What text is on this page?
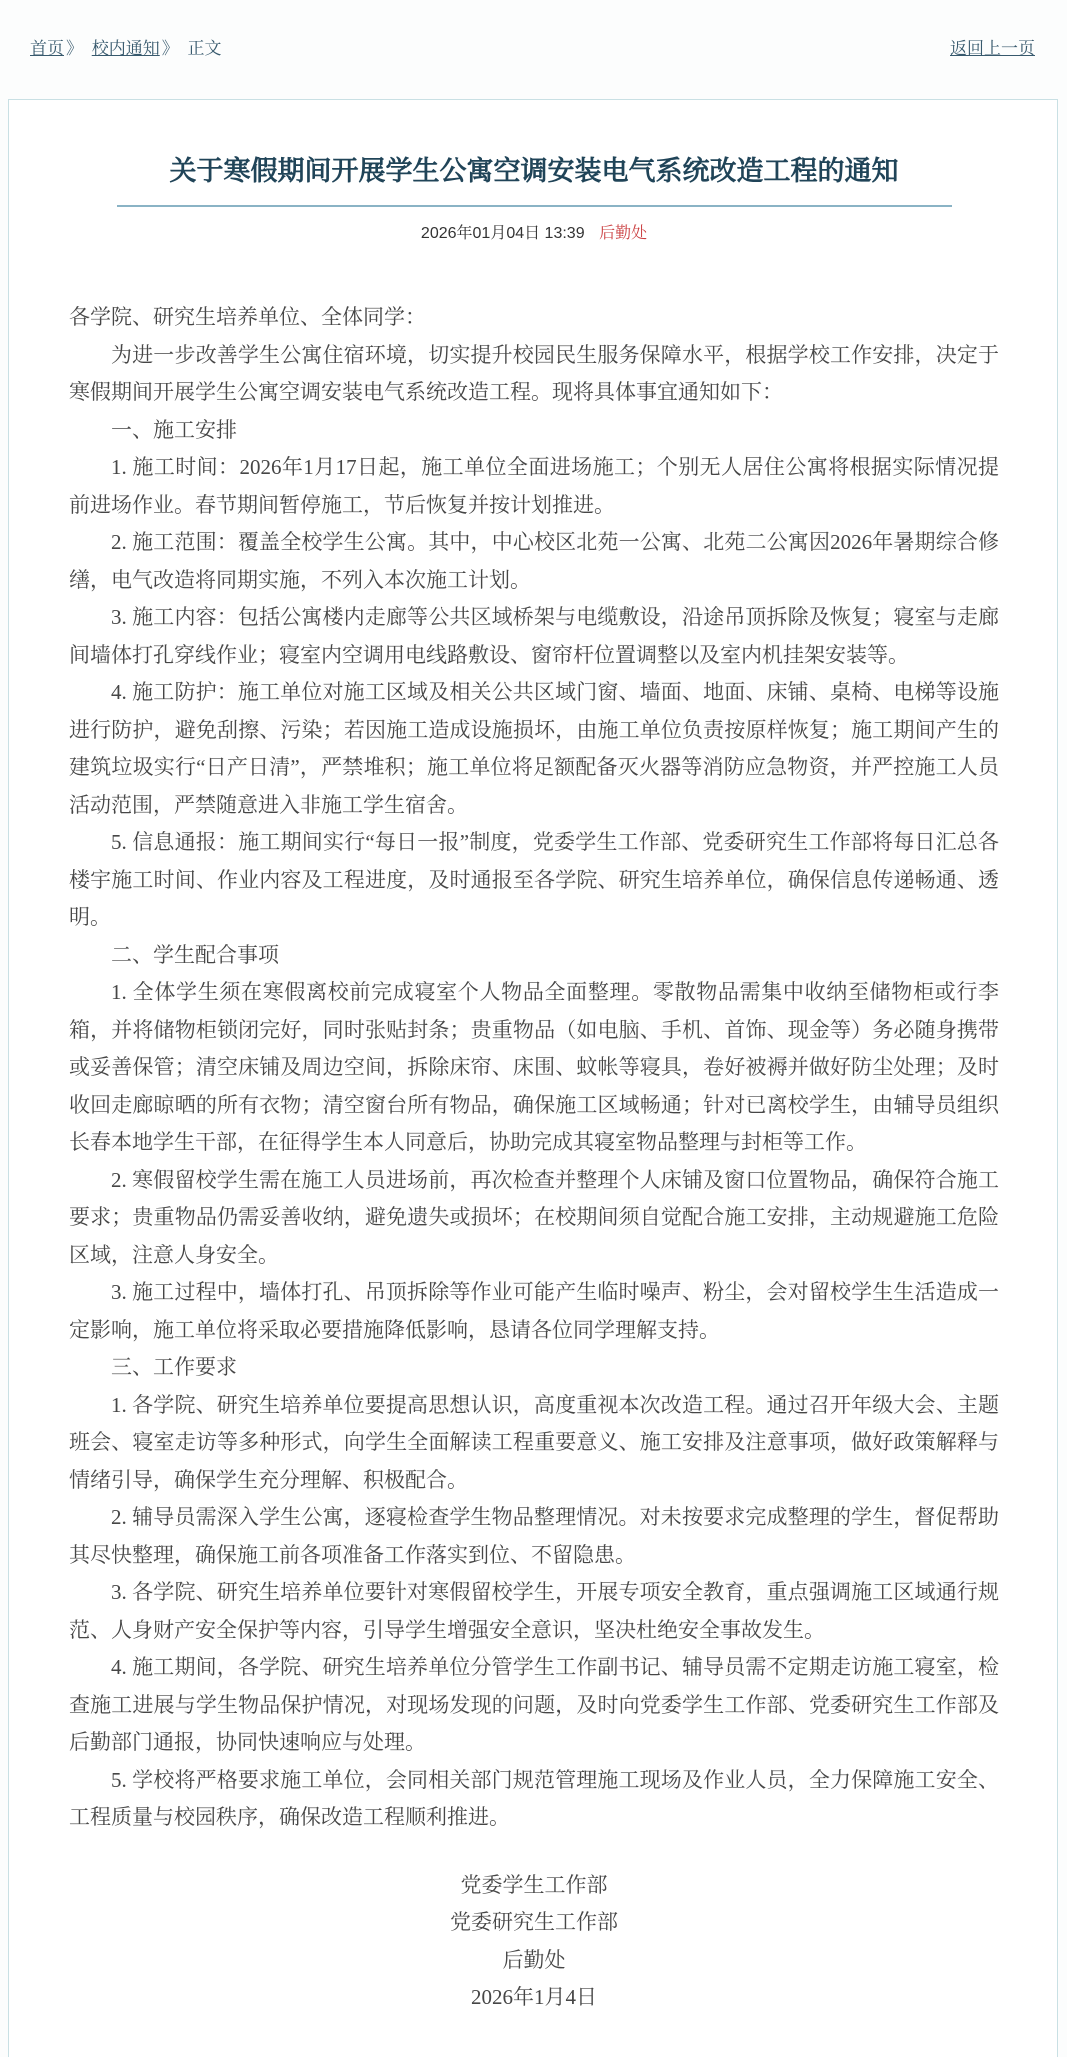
首页 》 校内通知 》 正文	返回上一页
关于寒假期间开展学生公寓空调安装电气系统改造工程的通知
2026年01月04日 13:39 后勤处

各学院、研究生培养单位、全体同学：

为进一步改善学生公寓住宿环境，切实提升校园民生服务保障水平，根据学校工作安排，决定于寒假期间开展学生公寓空调安装电气系统改造工程。现将具体事宜通知如下：

一、施工安排

1. 施工时间：2026年1月17日起，施工单位全面进场施工；个别无人居住公寓将根据实际情况提前进场作业。春节期间暂停施工，节后恢复并按计划推进。

2. 施工范围：覆盖全校学生公寓。其中，中心校区北苑一公寓、北苑二公寓因2026年暑期综合修缮，电气改造将同期实施，不列入本次施工计划。

3. 施工内容：包括公寓楼内走廊等公共区域桥架与电缆敷设，沿途吊顶拆除及恢复；寝室与走廊间墙体打孔穿线作业；寝室内空调用电线路敷设、窗帘杆位置调整以及室内机挂架安装等。

4. 施工防护：施工单位对施工区域及相关公共区域门窗、墙面、地面、床铺、桌椅、电梯等设施进行防护，避免刮擦、污染；若因施工造成设施损坏，由施工单位负责按原样恢复；施工期间产生的建筑垃圾实行“日产日清”，严禁堆积；施工单位将足额配备灭火器等消防应急物资，并严控施工人员活动范围，严禁随意进入非施工学生宿舍。

5. 信息通报：施工期间实行“每日一报”制度，党委学生工作部、党委研究生工作部将每日汇总各楼宇施工时间、作业内容及工程进度，及时通报至各学院、研究生培养单位，确保信息传递畅通、透明。

二、学生配合事项

1. 全体学生须在寒假离校前完成寝室个人物品全面整理。零散物品需集中收纳至储物柜或行李箱，并将储物柜锁闭完好，同时张贴封条；贵重物品（如电脑、手机、首饰、现金等）务必随身携带或妥善保管；清空床铺及周边空间，拆除床帘、床围、蚊帐等寝具，卷好被褥并做好防尘处理；及时收回走廊晾晒的所有衣物；清空窗台所有物品，确保施工区域畅通；针对已离校学生，由辅导员组织长春本地学生干部，在征得学生本人同意后，协助完成其寝室物品整理与封柜等工作。

2. 寒假留校学生需在施工人员进场前，再次检查并整理个人床铺及窗口位置物品，确保符合施工要求；贵重物品仍需妥善收纳，避免遗失或损坏；在校期间须自觉配合施工安排，主动规避施工危险区域，注意人身安全。

3. 施工过程中，墙体打孔、吊顶拆除等作业可能产生临时噪声、粉尘，会对留校学生生活造成一定影响，施工单位将采取必要措施降低影响，恳请各位同学理解支持。

三、工作要求

1. 各学院、研究生培养单位要提高思想认识，高度重视本次改造工程。通过召开年级大会、主题班会、寝室走访等多种形式，向学生全面解读工程重要意义、施工安排及注意事项，做好政策解释与情绪引导，确保学生充分理解、积极配合。

2. 辅导员需深入学生公寓，逐寝检查学生物品整理情况。对未按要求完成整理的学生，督促帮助其尽快整理，确保施工前各项准备工作落实到位、不留隐患。

3. 各学院、研究生培养单位要针对寒假留校学生，开展专项安全教育，重点强调施工区域通行规范、人身财产安全保护等内容，引导学生增强安全意识，坚决杜绝安全事故发生。

4. 施工期间，各学院、研究生培养单位分管学生工作副书记、辅导员需不定期走访施工寝室，检查施工进展与学生物品保护情况，对现场发现的问题，及时向党委学生工作部、党委研究生工作部及后勤部门通报，协同快速响应与处理。

5. 学校将严格要求施工单位，会同相关部门规范管理施工现场及作业人员，全力保障施工安全、工程质量与校园秩序，确保改造工程顺利推进。

党委学生工作部
党委研究生工作部
后勤处
2026年1月4日
